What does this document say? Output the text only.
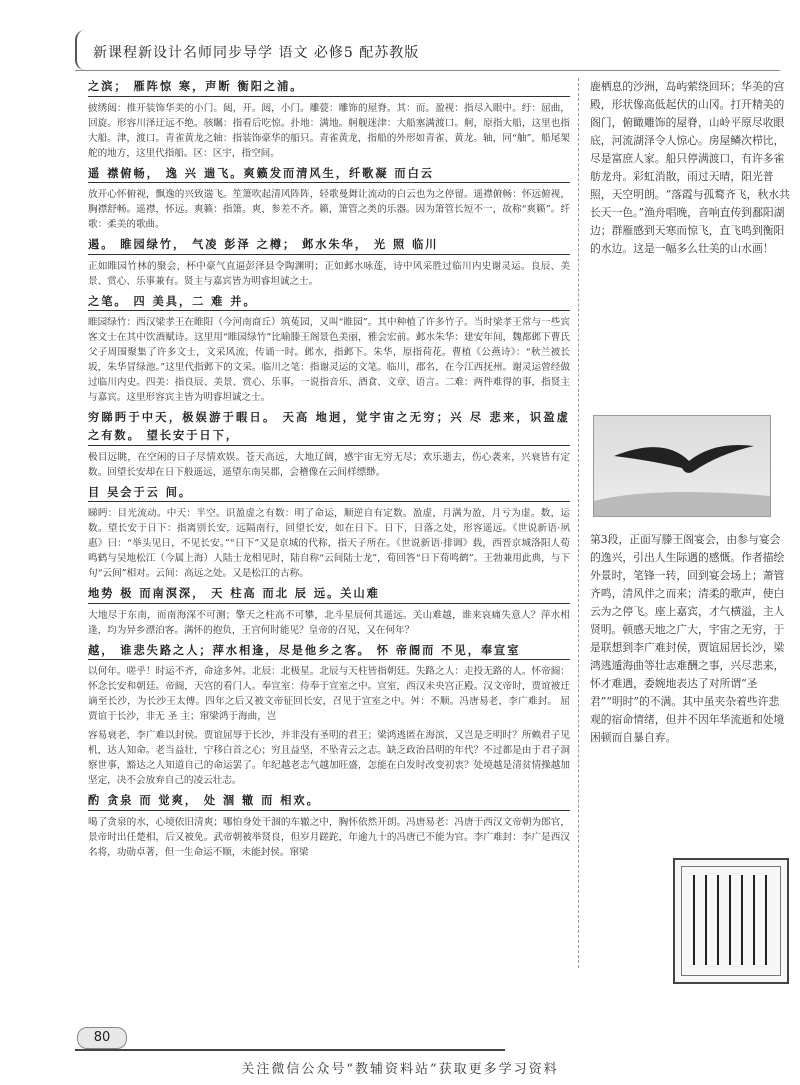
新课程新设计名师同步导学 语文 必修5 配苏教版

之滨； 雁阵惊 寒，声断 衡阳之浦。

披绣闼：推开装饰华美的小门。闼，开。闼，小门。雕甍：雕饰的屋脊。其：而。盈视：指尽入眼中。纡：屈曲，回旋。形容川泽迂远不绝。骇瞩：指看后吃惊。扑地：满地。舸舰迷津：大船塞满渡口。舸，原指大船，这里也指大船。津，渡口。青雀黄龙之轴：指装饰豪华的船只。青雀黄龙，指船的外形如青雀、黄龙。轴，同“舳”，船尾架舵的地方，这里代指船。区：区宇，指空间。

遥 襟俯畅， 逸 兴 遄飞。爽籁发而清风生，纤歌凝 而白云

放开心怀俯视，飘逸的兴致遄飞。笙箫吹起清风阵阵，轻歌曼舞让流动的白云也为之停留。遥襟俯畅：怀远俯视，胸襟舒畅。遥襟，怀远。爽籁：指箫。爽，参差不齐。籁，箫管之类的乐器。因为箫管长短不一，故称“爽籁”。纤歌：柔美的歌曲。

遏。 睢园绿竹， 气凌 彭泽 之樽； 邺水朱华， 光 照 临川

正如睢园竹林的聚会，杯中豪气直逼彭泽县令陶渊明；正如邺水咏莲，诗中风采胜过临川内史谢灵运。良辰、美景、赏心、乐事兼有。贤主与嘉宾皆为明睿坦诚之士。

之笔。 四 美具，二 难 并。

睢园绿竹：西汉梁孝王在睢阳（今河南商丘）筑菟园，又叫“睢园”。其中种植了许多竹子。当时梁孝王常与一些宾客文士在其中饮酒赋诗。这里用“睢园绿竹”比喻滕王阁景色美丽，雅会宏前。邺水朱华：建安年间，魏都邺下曹氏父子周围聚集了许多文士，文采风流，传诵一时。邺水，指邺下。朱华，原指荷花。曹植《公燕诗》：“秋兰被长坂，朱华冒绿池。”这里代指邺下的文采。临川之笔：指谢灵运的文笔。临川，郡名，在今江西抚州。谢灵运曾经做过临川内史。四美：指良辰、美景、赏心、乐事。一说指音乐、酒食、文章、语言。二难：两件难得的事，指贤主与嘉宾。这里形容宾主皆为明睿坦诚之士。

穷睇眄于中天，极娱游于暇日。 天高 地迥，觉宇宙之无穷；兴 尽 悲来，识盈虚之有数。 望长安于日下，

极目远眺，在空闲的日子尽情欢娱。苍天高远，大地辽阔，感宇宙无穷无尽；欢乐逝去，伤心袭来，兴衰皆有定数。回望长安却在日下般遥远，遥望东南吴郡，会稽像在云间样缥缈。

目 吴会于云 间。

睇眄：目光流动。中天：半空。识盈虚之有数：明了命运，顺逆自有定数。盈虚，月满为盈，月亏为虚。数，运数。望长安于日下：指离别长安，远隔南行，回望长安，如在日下。日下，日落之处，形容遥远。《世说新语·夙惠》曰：“举头见日，不见长安。”“日下”又是京城的代称，指天子所在。《世说新语·排调》载，西晋京城洛阳人荀鸣鹤与吴地松江（今属上海）人陆士龙相见时，陆自称“云间陆士龙”，荀回答“日下荀鸣鹤”。王勃兼用此典，与下句“云间”相对。云间：高远之处。又是松江的古称。

地势 极 而南溟深， 天 柱高 而北 辰 远。关山难

大地尽于东南，而南海深不可测；擎天之柱高不可攀，北斗星辰何其遥远。关山难越，谁来哀痛失意人？萍水相逢，均为异乡漂泊客。满怀的抱负，王宫何时能见？皇帝的召见，又在何年？

越， 谁悲失路之人；萍水相逢，尽是他乡之客。 怀 帝阍而 不见，奉宣室

以何年。嗟乎！时运不齐，命途多舛。北辰：北极星。北辰与天柱皆指朝廷。失路之人：走投无路的人。怀帝阍：怀念长安和朝廷。帝阍，天宫的看门人。奉宣室：侍奉于宣室之中。宣室，西汉未央宫正殿。汉文帝时，贾谊被迁谪至长沙，为长沙王太傅。四年之后又被文帝征回长安，召见于宣室之中。舛：不顺。冯唐易老，李广难封。 屈贾谊于长沙，非无 圣 主；窜梁鸿于海曲，岂

容易衰老，李广难以封侯。贾谊屈辱于长沙，并非没有圣明的君王；梁鸿逃匿在海滨，又岂是乏明时？所赖君子见机，达人知命。老当益壮，宁移白首之心；穷且益坚，不坠青云之志。缺乏政治昌明的年代？不过都是由于君子洞察世事，豁达之人知道自己的命运罢了。年纪越老志气越加旺盛，怎能在白发时改变初衷？处境越是清贫情操越加坚定，决不会放弃自己的凌云壮志。

酌 贪泉 而 觉爽， 处 涸 辙 而 相欢。

喝了贪泉的水，心境依旧清爽；哪怕身处干涸的车辙之中，胸怀依然开朗。冯唐易老：冯唐于西汉文帝朝为郎官，景帝时出任楚相，后又被免。武帝朝被举贤良，但岁月蹉跎，年逾九十的冯唐已不能为官。李广难封：李广是西汉名将，功勋卓著，但一生命运不顺，未能封侯。窜梁

鹿栖息的沙洲，岛屿萦绕回环；华美的宫殿，形状像高低起伏的山冈。打开精美的阁门，俯瞰雕饰的屋脊，山岭平原尽收眼底，河流湖泽令人惊心。房屋鳞次栉比，尽是富庶人家。船只停满渡口，有许多雀舫龙舟。彩虹消散，雨过天晴，阳光普照，天空明朗。“落霞与孤鹜齐飞，秋水共长天一色。”渔舟唱晚，音响直传到鄱阳湖边；群雁感到天寒而惊飞，直飞鸣到衡阳的水边。这是一幅多么壮美的山水画！

第3段，正面写滕王阁宴会，由参与宴会的逸兴，引出人生际遇的感慨。作者描绘外景时，笔锋一转，回到宴会场上；萧管齐鸣，清风伴之而来；清柔的歌声，使白云为之停飞。座上嘉宾，才气横溢，主人贤明。顿感天地之广大，宇宙之无穷，于是联想到李广难封侯，贾谊屈居长沙，梁鸿逃遁海曲等壮志难酬之事，兴尽悲来，怀才难遇，委婉地表达了对所谓“圣君”“明时”的不满。其中虽夹杂着些许悲观的宿命情绪，但并不因年华流逝和处境困顿而自暴自弃。

80
关注微信公众号“教辅资料站”获取更多学习资料
